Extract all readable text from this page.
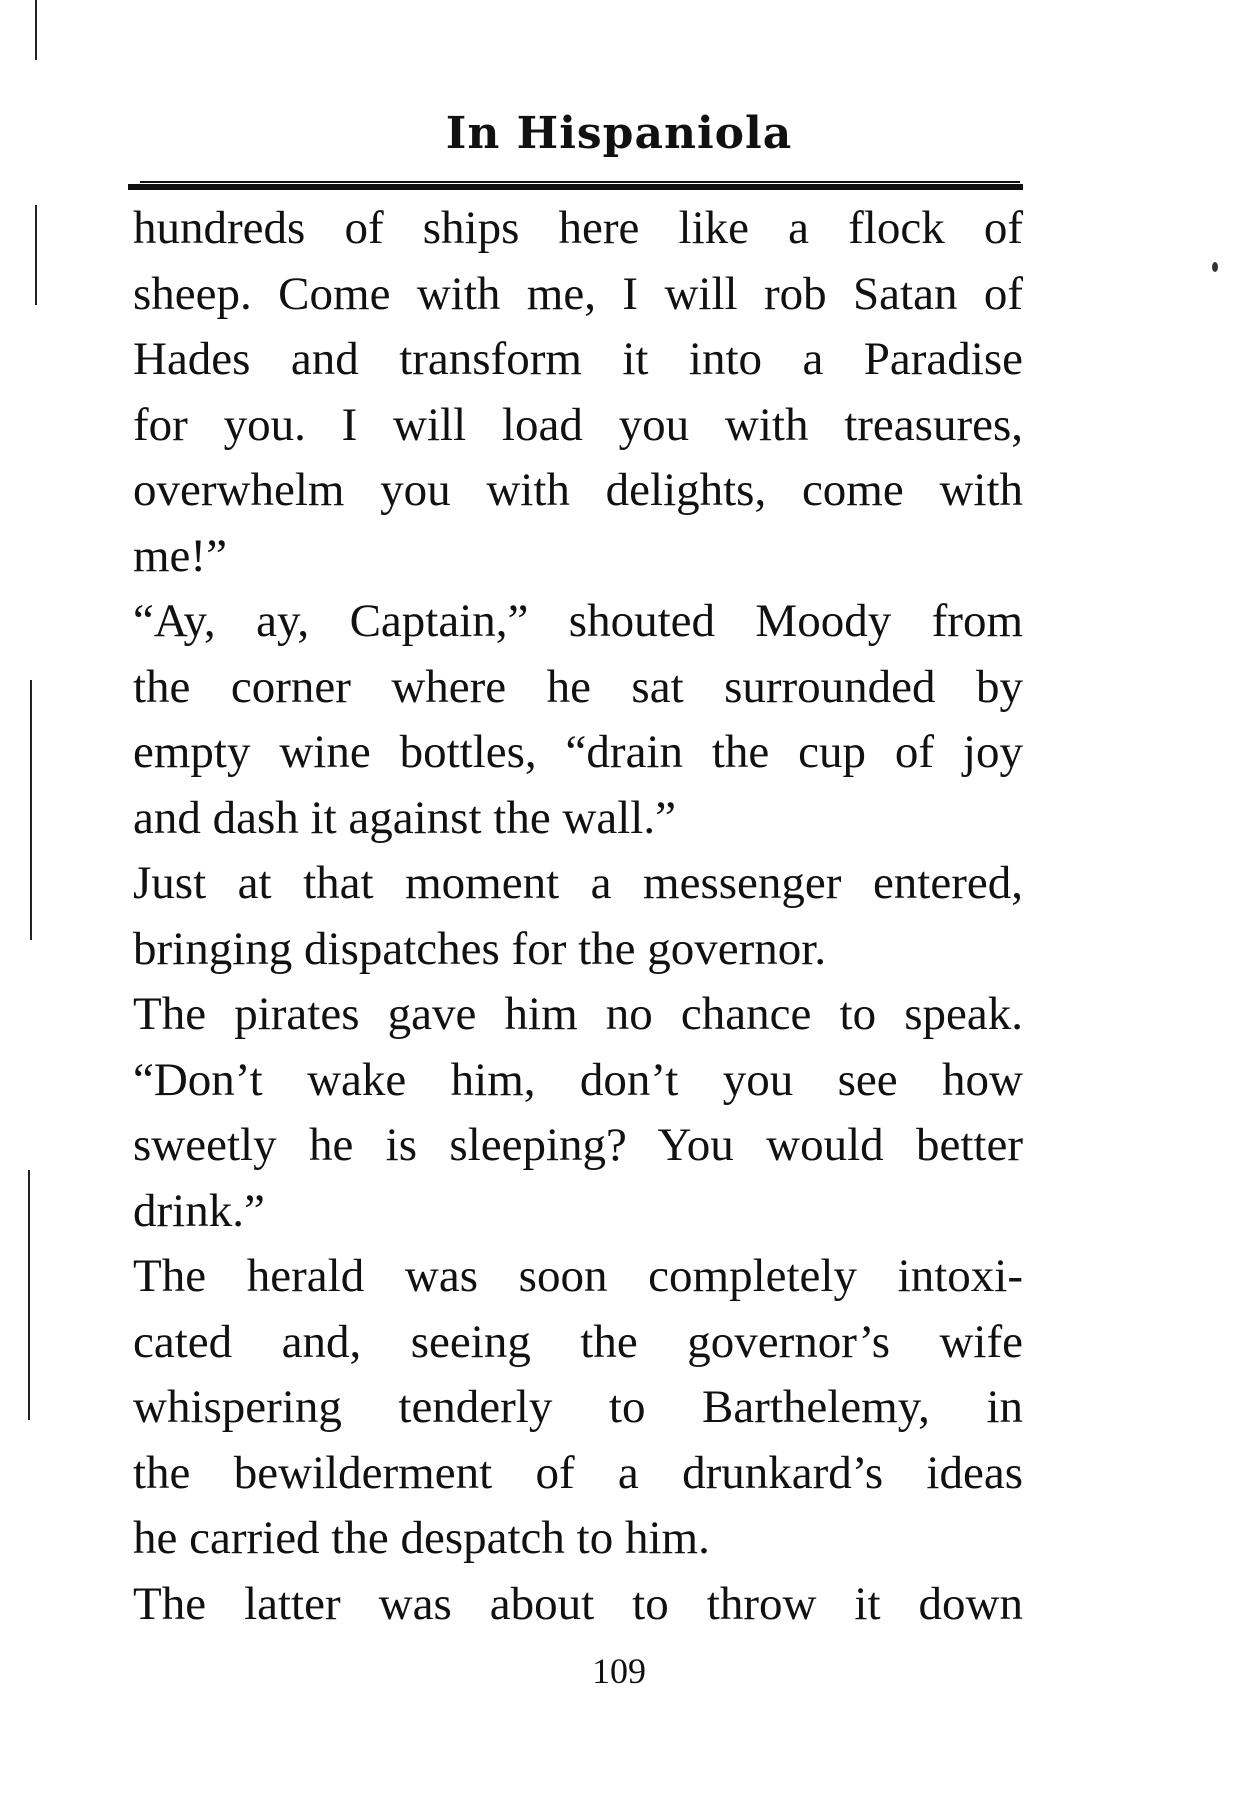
In Hispaniola
hundreds of ships here like a flock of
sheep. Come with me, I will rob Satan of
Hades and transform it into a Paradise
for you. I will load you with treasures,
overwhelm you with delights, come with
me!”
“Ay, ay, Captain,” shouted Moody from
the corner where he sat surrounded by
empty wine bottles, “drain the cup of joy
and dash it against the wall.”
Just at that moment a messenger entered,
bringing dispatches for the governor.
The pirates gave him no chance to speak.
“Don’t wake him, don’t you see how
sweetly he is sleeping? You would better
drink.”
The herald was soon completely intoxi-
cated and, seeing the governor’s wife
whispering tenderly to Barthelemy, in
the bewilderment of a drunkard’s ideas
he carried the despatch to him.
The latter was about to throw it down
109
